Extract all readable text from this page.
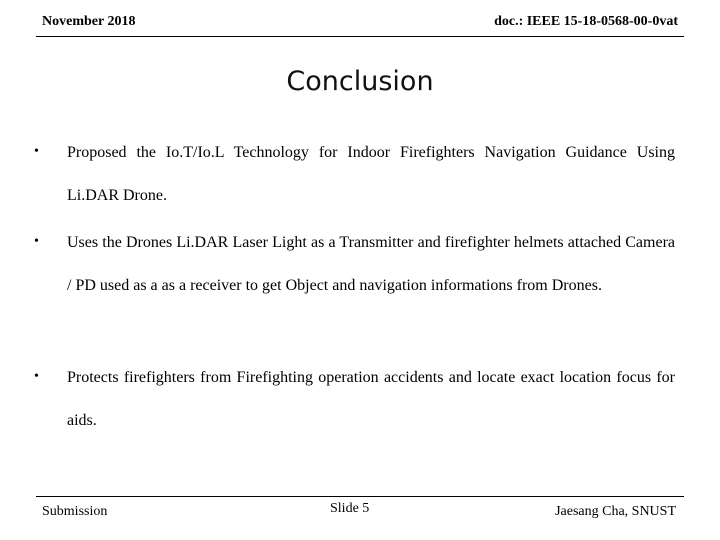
November 2018	doc.: IEEE 15-18-0568-00-0vat
Conclusion
• Proposed the Io.T/Io.L Technology for Indoor Firefighters Navigation Guidance Using Li.DAR Drone.
• Uses the Drones Li.DAR Laser Light as a Transmitter and firefighter helmets attached Camera / PD used as a as a receiver to get Object and navigation informations from Drones.
• Protects firefighters from Firefighting operation accidents and locate exact location focus for aids.
Submission	Slide 5	Jaesang Cha, SNUST
